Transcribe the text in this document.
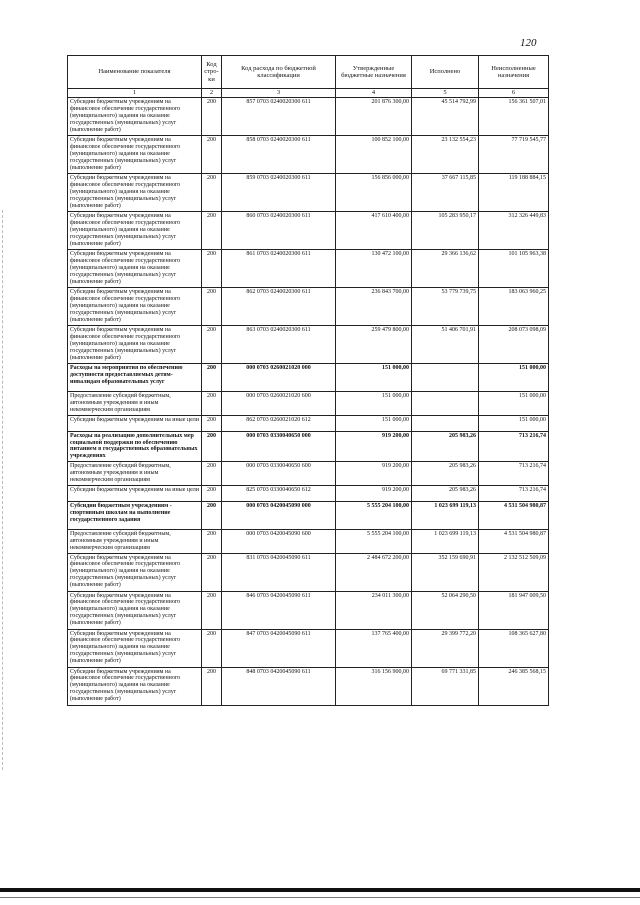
120
Наименование показателя	Код стро-ки	Код расхода по бюджетной классификации	Утвержденные бюджетные назначения	Исполнено	Неисполненные назначения
1	2	3	4	5	6
Субсидии бюджетным учреждениям на финансовое обеспечение государственного (муниципального) задания на оказание государственных (муниципальных) услуг (выполнение работ)	200	857 0703 0240020300 611	201 876 300,00	45 514 792,99	156 361 507,01
Субсидии бюджетным учреждениям на финансовое обеспечение государственного (муниципального) задания на оказание государственных (муниципальных) услуг (выполнение работ)	200	858 0703 0240020300 611	100 852 100,00	23 132 554,23	77 719 545,77
Субсидии бюджетным учреждениям на финансовое обеспечение государственного (муниципального) задания на оказание государственных (муниципальных) услуг (выполнение работ)	200	859 0703 0240020300 611	156 856 000,00	37 667 115,85	119 188 884,15
Субсидии бюджетным учреждениям на финансовое обеспечение государственного (муниципального) задания на оказание государственных (муниципальных) услуг (выполнение работ)	200	860 0703 0240020300 611	417 610 400,00	105 283 950,17	312 326 449,83
Субсидии бюджетным учреждениям на финансовое обеспечение государственного (муниципального) задания на оказание государственных (муниципальных) услуг (выполнение работ)	200	861 0703 0240020300 611	130 472 100,00	29 366 136,62	101 105 963,38
Субсидии бюджетным учреждениям на финансовое обеспечение государственного (муниципального) задания на оказание государственных (муниципальных) услуг (выполнение работ)	200	862 0703 0240020300 611	236 843 700,00	53 779 739,75	183 063 960,25
Субсидии бюджетным учреждениям на финансовое обеспечение государственного (муниципального) задания на оказание государственных (муниципальных) услуг (выполнение работ)	200	863 0703 0240020300 611	259 479 800,00	51 406 701,91	208 073 098,09
Расходы на мероприятия по обеспечению доступности предоставляемых детям-инвалидам образовательных услуг	200	000 0703 0260021020 000	151 000,00		151 000,00
Предоставление субсидий бюджетным, автономным учреждениям и иным некоммерческим организациям	200	000 0703 0260021020 600	151 000,00		151 000,00
Субсидии бюджетным учреждениям на иные цели	200	862 0703 0260021020 612	151 000,00		151 000,00
Расходы на реализацию дополнительных мер социальной поддержки по обеспечению питанием в государственных образовательных учреждениях	200	000 0703 0330040650 000	919 200,00	205 983,26	713 216,74
Предоставление субсидий бюджетным, автономным учреждениям и иным некоммерческим организациям	200	000 0703 0330040650 600	919 200,00	205 983,26	713 216,74
Субсидии бюджетным учреждениям на иные цели	200	825 0703 0330040650 612	919 200,00	205 983,26	713 216,74
Субсидии бюджетным учреждениям - спортивным школам на выполнение государственного задания	200	000 0703 0420045090 000	5 555 204 100,00	1 023 699 119,13	4 531 504 980,87
Предоставление субсидий бюджетным, автономным учреждениям и иным некоммерческим организациям	200	000 0703 0420045090 600	5 555 204 100,00	1 023 699 119,13	4 531 504 980,87
Субсидии бюджетным учреждениям на финансовое обеспечение государственного (муниципального) задания на оказание государственных (муниципальных) услуг (выполнение работ)	200	831 0703 0420045090 611	2 484 672 200,00	352 159 690,91	2 132 512 509,09
Субсидии бюджетным учреждениям на финансовое обеспечение государственного (муниципального) задания на оказание государственных (муниципальных) услуг (выполнение работ)	200	846 0703 0420045090 611	234 011 300,00	52 064 290,50	181 947 009,50
Субсидии бюджетным учреждениям на финансовое обеспечение государственного (муниципального) задания на оказание государственных (муниципальных) услуг (выполнение работ)	200	847 0703 0420045090 611	137 765 400,00	29 399 772,20	108 365 627,80
Субсидии бюджетным учреждениям на финансовое обеспечение государственного (муниципального) задания на оказание государственных (муниципальных) услуг (выполнение работ)	200	848 0703 0420045090 611	316 156 900,00	69 771 331,85	246 385 568,15
